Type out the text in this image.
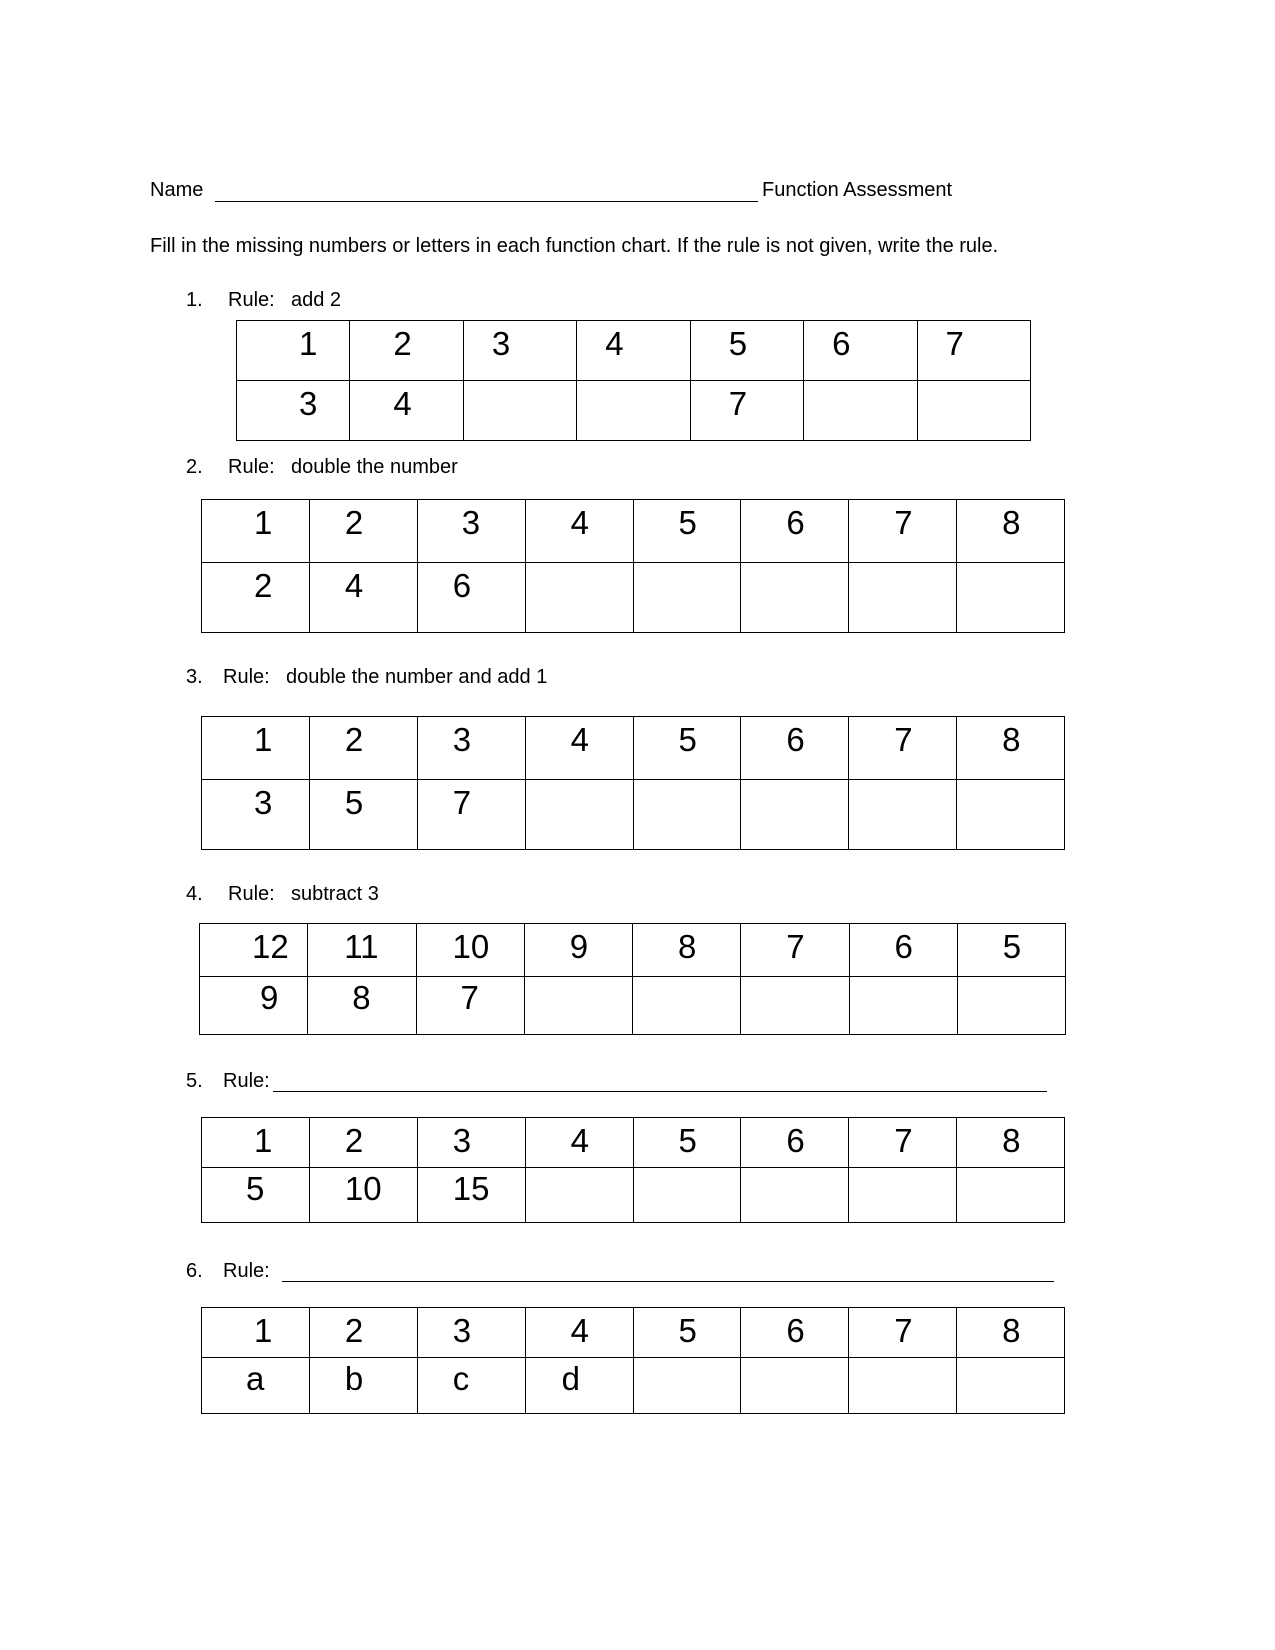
Name	Function Assessment
Fill in the missing numbers or letters in each function chart. If the rule is not given, write the rule.
1. Rule: add 2
1	2	3	4	5	6	7

3	4			7		

2. Rule: double the number
1	2	3	4	5	6	7	8

2	4	6					

3. Rule: double the number and add 1
1	2	3	4	5	6	7	8

3	5	7					

4. Rule: subtract 3
12	11	10	9	8	7	6	5

9	8	7					

5. Rule:
1	2	3	4	5	6	7	8

5	10	15					

6. Rule:
1	2	3	4	5	6	7	8

a	b	c	d				
